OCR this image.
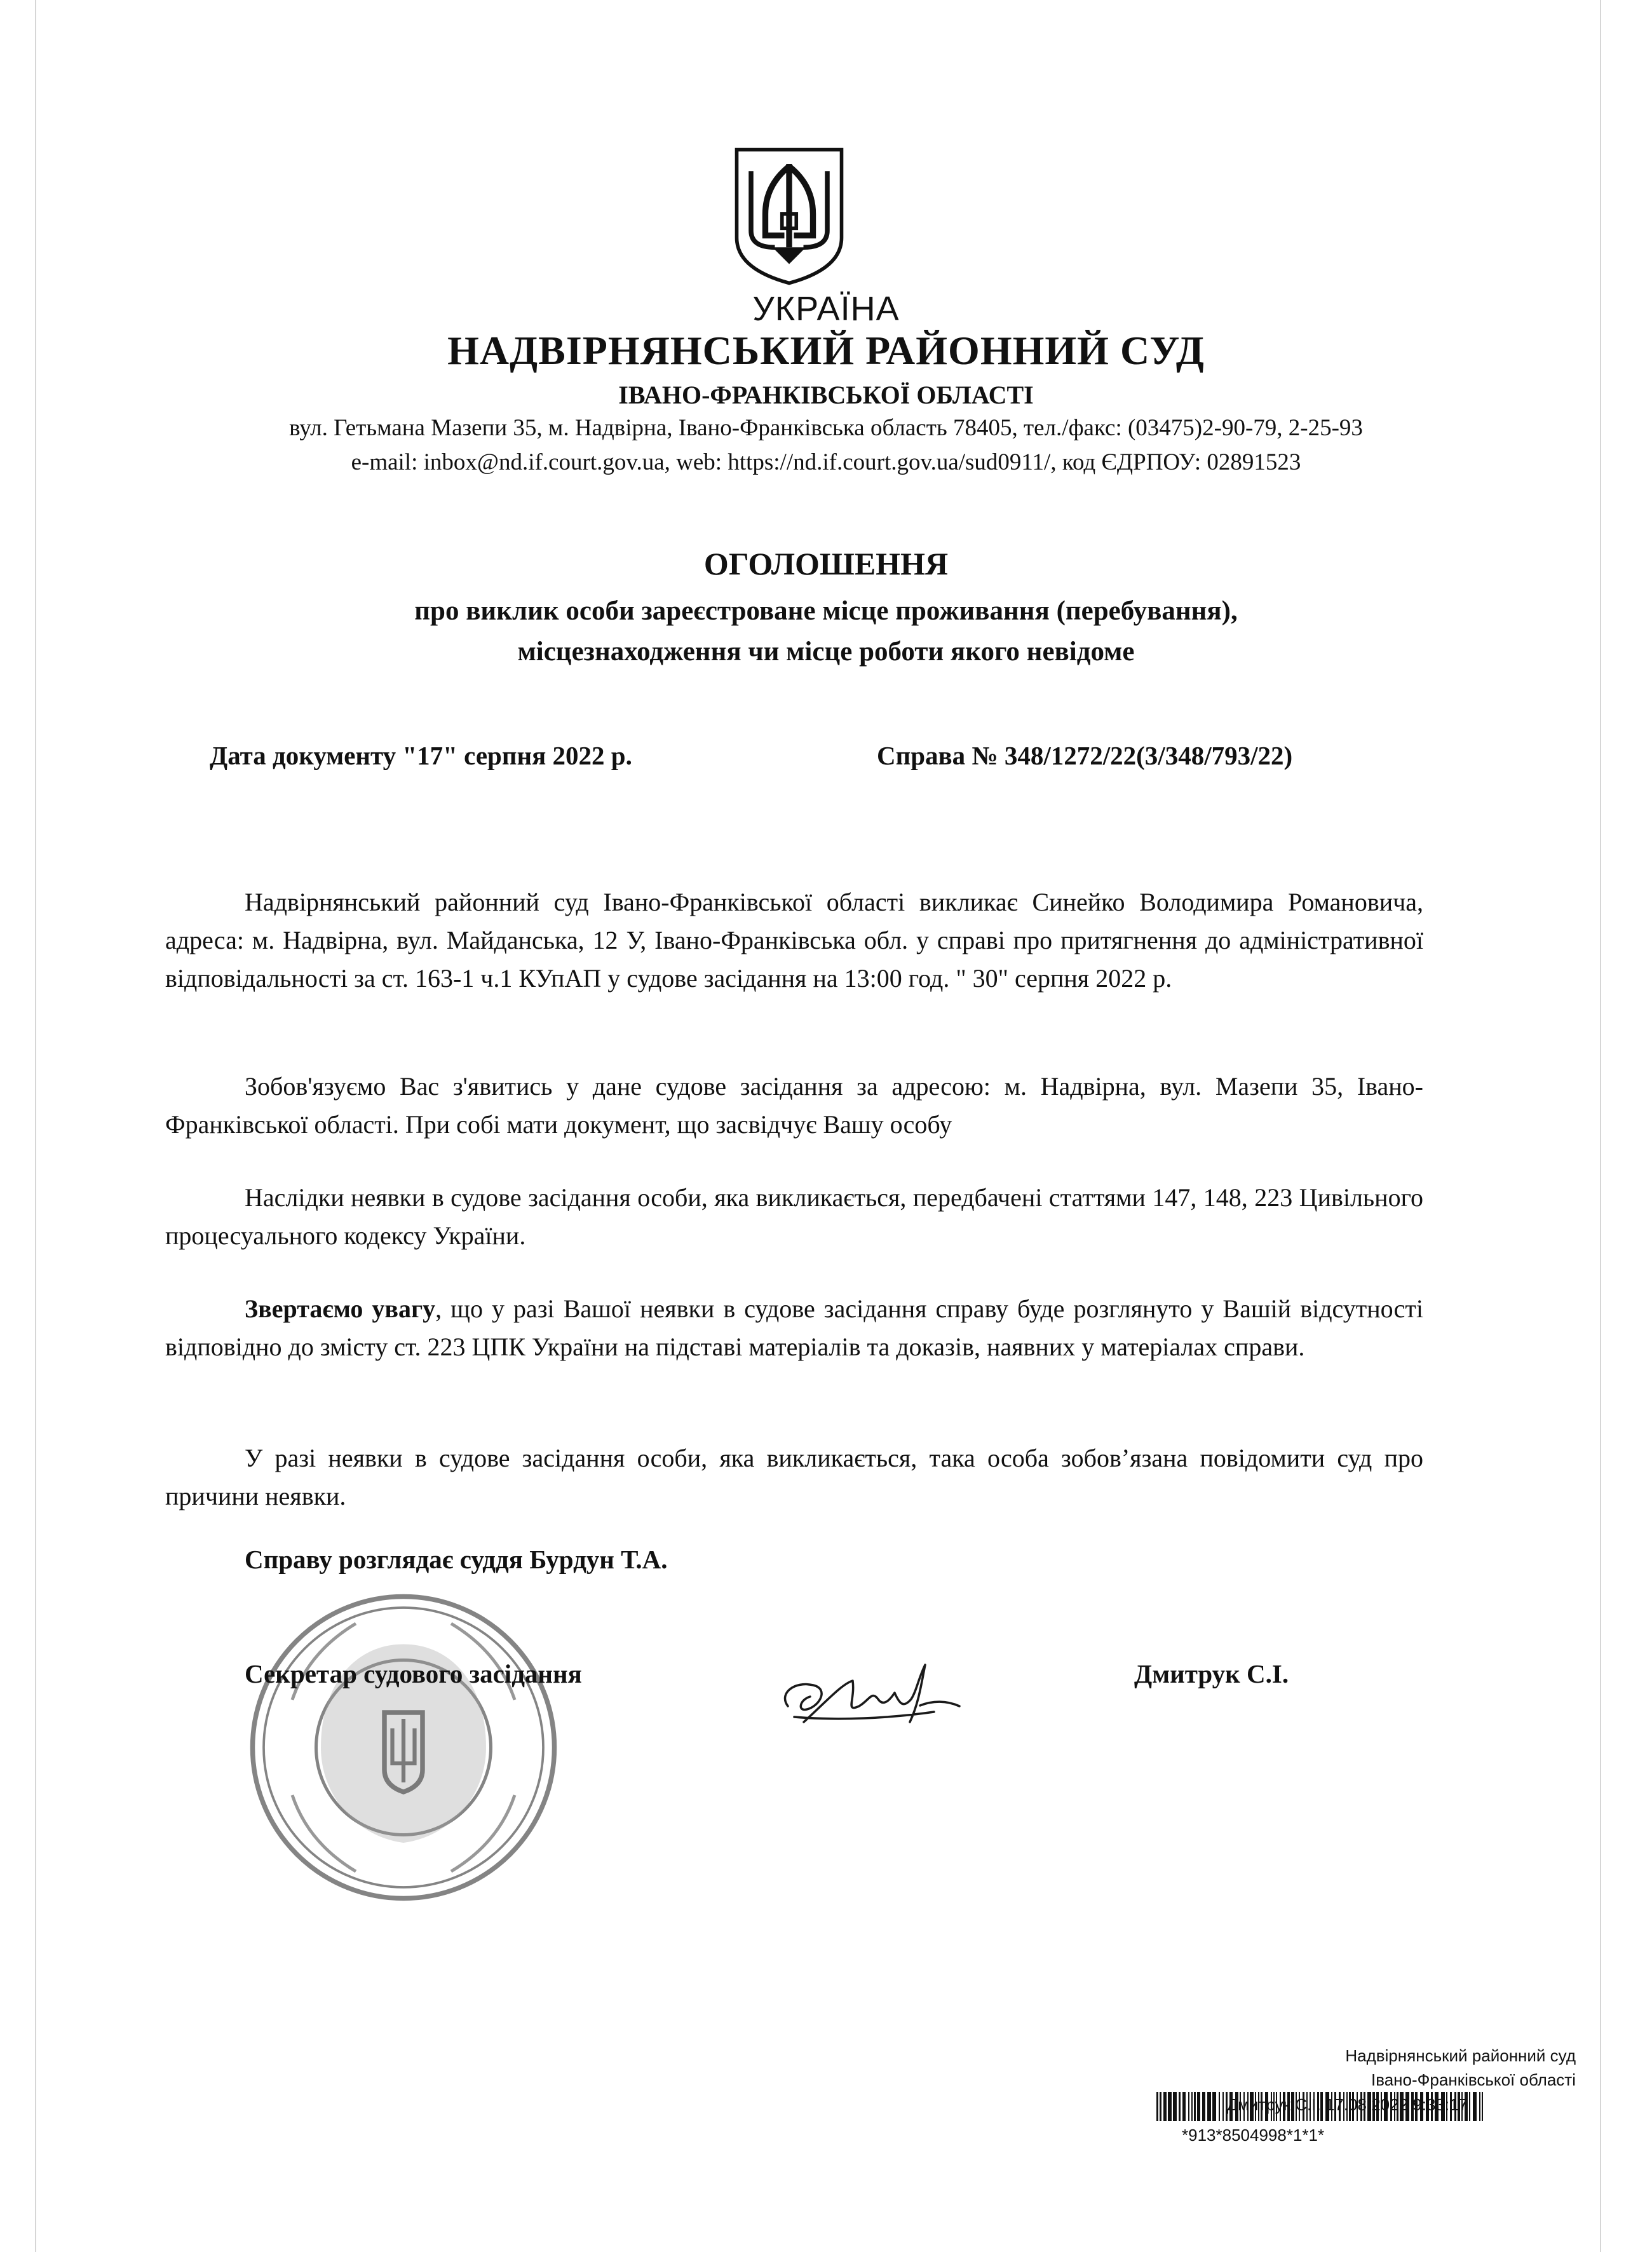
УКРАЇНА
НАДВІРНЯНСЬКИЙ РАЙОННИЙ СУД
ІВАНО-ФРАНКІВСЬКОЇ ОБЛАСТІ
вул. Гетьмана Мазепи 35, м. Надвірна, Івано-Франківська область 78405, тел./факс: (03475)2-90-79, 2-25-93
e-mail: inbox@nd.if.court.gov.ua, web: https://nd.if.court.gov.ua/sud0911/, код ЄДРПОУ: 02891523
ОГОЛОШЕННЯ
про виклик особи зареєстроване місце проживання (перебування),
місцезнаходження чи місце роботи якого невідоме
Дата документу "17" серпня 2022 р.	Справа № 348/1272/22(3/348/793/22)

Надвірнянський районний суд Івано-Франківської області викликає Синейко Володимира Романовича, адреса: м. Надвірна, вул. Майданська, 12 У, Івано-Франківська обл. у справі про притягнення до адміністративної відповідальності за ст. 163-1 ч.1 КУпАП у судове засідання на 13:00 год. " 30" серпня 2022 р.

Зобов'язуємо Вас з'явитись у дане судове засідання за адресою: м. Надвірна, вул. Мазепи 35, Івано-Франківської області. При собі мати документ, що засвідчує Вашу особу

Наслідки неявки в судове засідання особи, яка викликається, передбачені статтями 147, 148, 223 Цивільного процесуального кодексу України.

Звертаємо увагу, що у разі Вашої неявки в судове засідання справу буде розглянуто у Вашій відсутності відповідно до змісту ст. 223 ЦПК України на підставі матеріалів та доказів, наявних у матеріалах справи.

У разі неявки в судове засідання особи, яка викликається, така особа зобов’язана повідомити суд про причини неявки.

Справу розглядає суддя Бурдун Т.А.
Секретар судового засідання	Дмитрук С.І.
Надвірнянський районний суд
Івано-Франківської області
Дмитрук С.І. 17.08.2022 9:33:17
*913*8504998*1*1*
